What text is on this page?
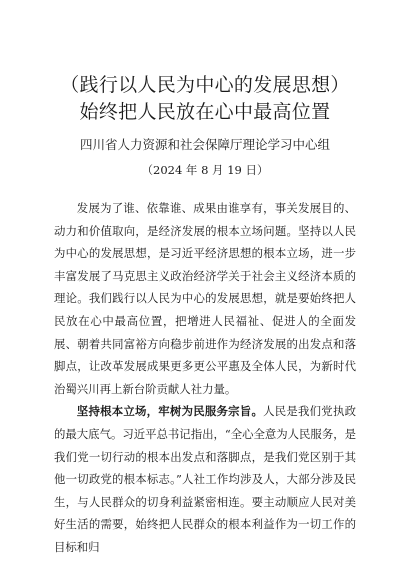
（践行以人民为中心的发展思想）始终把人民放在心中最高位置

四川省人力资源和社会保障厅理论学习中心组

（2024 年 8 月 19 日）

发展为了谁、依靠谁、成果由谁享有，事关发展目的、动力和价值取向，是经济发展的根本立场问题。坚持以人民为中心的发展思想，是习近平经济思想的根本立场，进一步丰富发展了马克思主义政治经济学关于社会主义经济本质的理论。我们践行以人民为中心的发展思想，就是要始终把人民放在心中最高位置，把增进人民福祉、促进人的全面发展、朝着共同富裕方向稳步前进作为经济发展的出发点和落脚点，让改革发展成果更多更公平惠及全体人民，为新时代治蜀兴川再上新台阶贡献人社力量。

坚持根本立场，牢树为民服务宗旨。人民是我们党执政的最大底气。习近平总书记指出，“全心全意为人民服务，是我们党一切行动的根本出发点和落脚点，是我们党区别于其他一切政党的根本标志。”人社工作均涉及人，大部分涉及民生，与人民群众的切身利益紧密相连。要主动顺应人民对美好生活的需要，始终把人民群众的根本利益作为一切工作的目标和归
